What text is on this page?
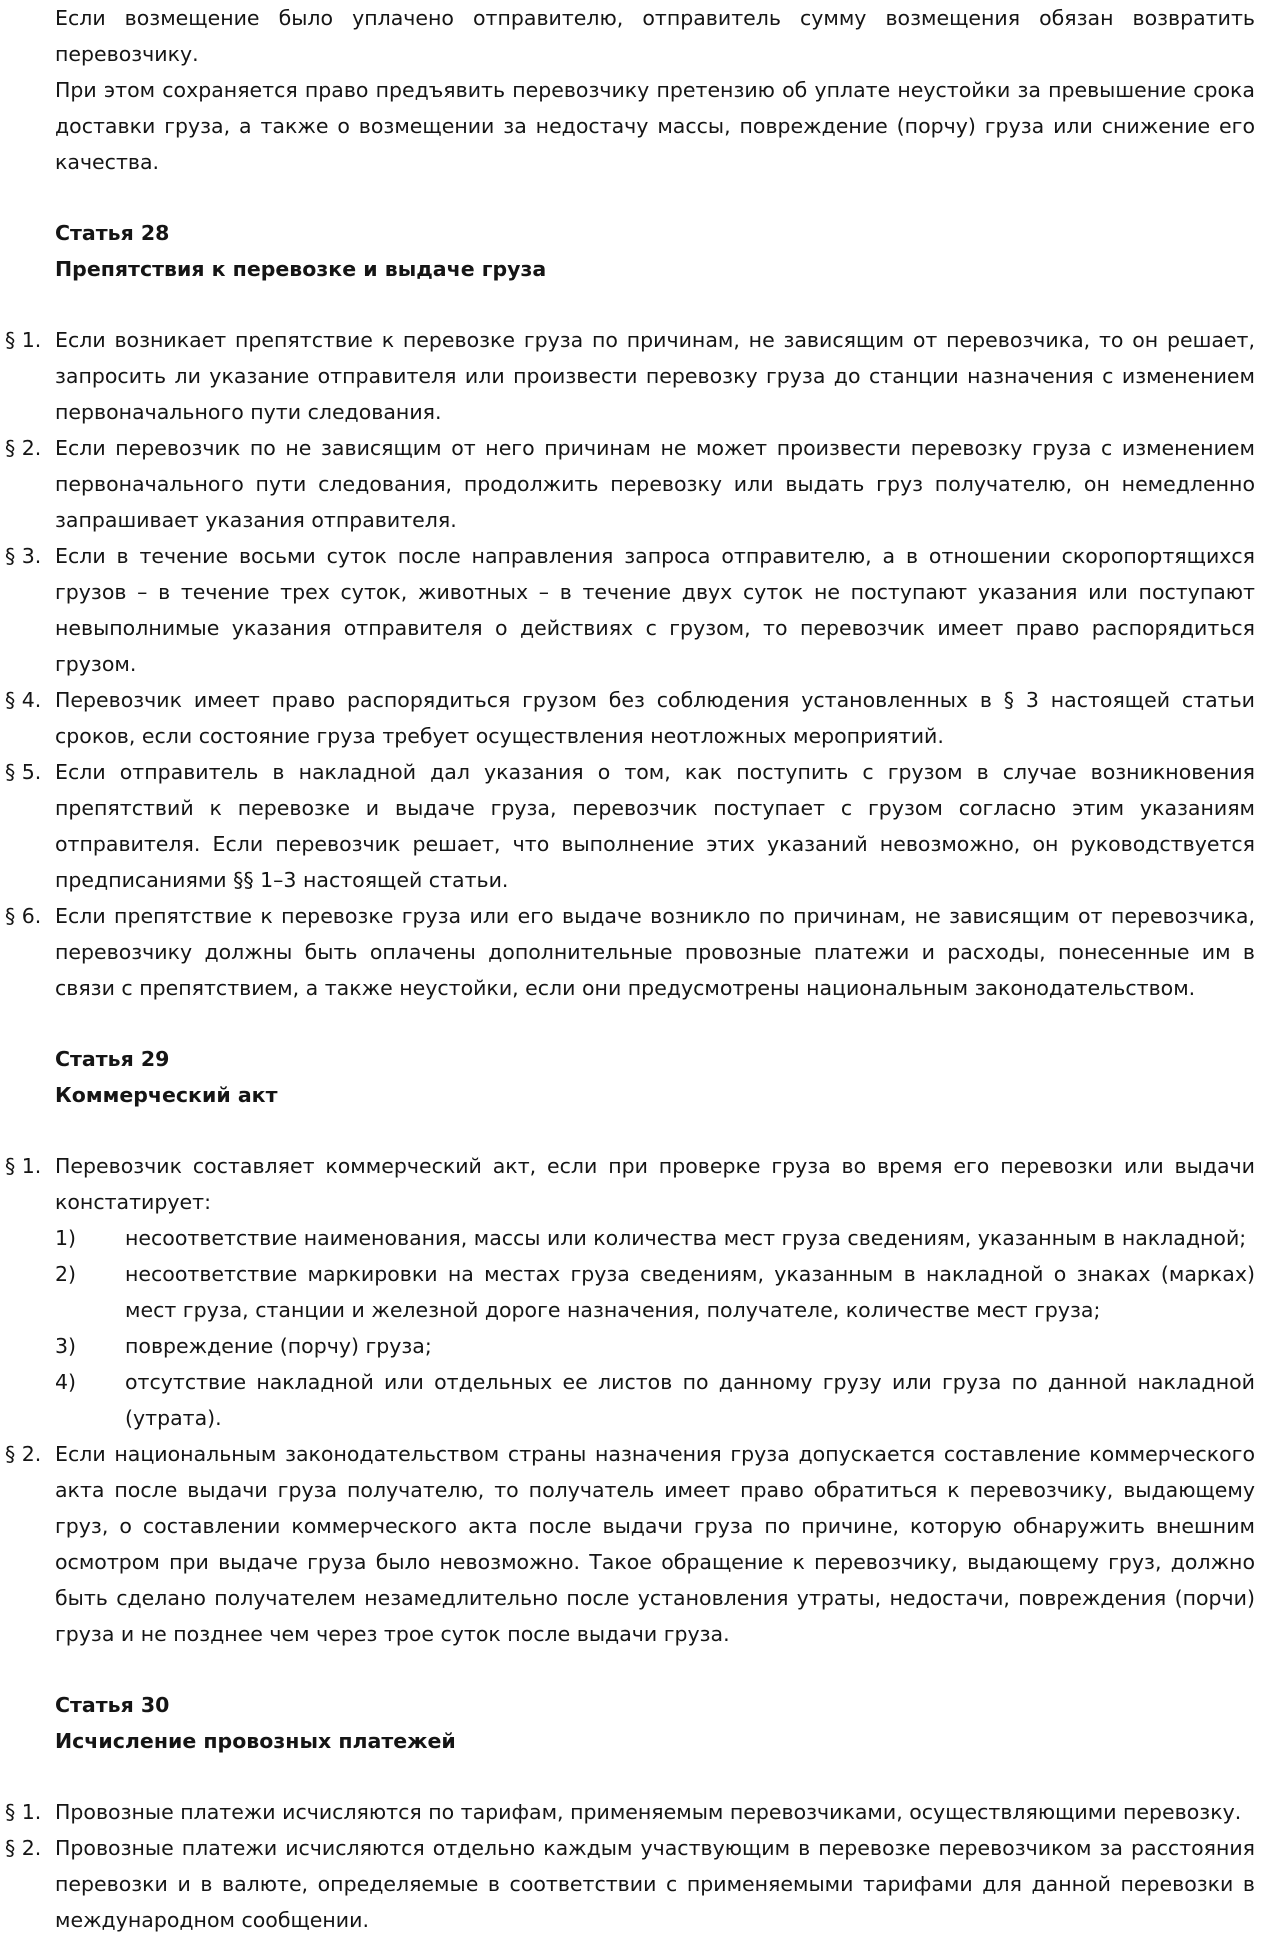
Если возмещение было уплачено отправителю, отправитель сумму возмещения обязан возвратить перевозчику.
При этом сохраняется право предъявить перевозчику претензию об уплате неустойки за превышение срока доставки груза, а также о возмещении за недостачу массы, повреждение (порчу) груза или снижение его качества.
Статья 28
Препятствия к перевозке и выдаче груза
§ 1. Если возникает препятствие к перевозке груза по причинам, не зависящим от перевозчика, то он решает, запросить ли указание отправителя или произвести перевозку груза до станции назначения с изменением первоначального пути следования.
§ 2. Если перевозчик по не зависящим от него причинам не может произвести перевозку груза с изменением первоначального пути следования, продолжить перевозку или выдать груз получателю, он немедленно запрашивает указания отправителя.
§ 3. Если в течение восьми суток после направления запроса отправителю, а в отношении скоропортящихся грузов – в течение трех суток, животных – в течение двух суток не поступают указания или поступают невыполнимые указания отправителя о действиях с грузом, то перевозчик имеет право распорядиться грузом.
§ 4. Перевозчик имеет право распорядиться грузом без соблюдения установленных в § 3 настоящей статьи сроков, если состояние груза требует осуществления неотложных мероприятий.
§ 5. Если отправитель в накладной дал указания о том, как поступить с грузом в случае возникновения препятствий к перевозке и выдаче груза, перевозчик поступает с грузом согласно этим указаниям отправителя. Если перевозчик решает, что выполнение этих указаний невозможно, он руководствуется предписаниями §§ 1–3 настоящей статьи.
§ 6. Если препятствие к перевозке груза или его выдаче возникло по причинам, не зависящим от перевозчика, перевозчику должны быть оплачены дополнительные провозные платежи и расходы, понесенные им в связи с препятствием, а также неустойки, если они предусмотрены национальным законодательством.
Статья 29
Коммерческий акт
§ 1. Перевозчик составляет коммерческий акт, если при проверке груза во время его перевозки или выдачи констатирует:
1) несоответствие наименования, массы или количества мест груза сведениям, указанным в накладной;
2) несоответствие маркировки на местах груза сведениям, указанным в накладной о знаках (марках) мест груза, станции и железной дороге назначения, получателе, количестве мест груза;
3) повреждение (порчу) груза;
4) отсутствие накладной или отдельных ее листов по данному грузу или груза по данной накладной (утрата).
§ 2. Если национальным законодательством страны назначения груза допускается составление коммерческого акта после выдачи груза получателю, то получатель имеет право обратиться к перевозчику, выдающему груз, о составлении коммерческого акта после выдачи груза по причине, которую обнаружить внешним осмотром при выдаче груза было невозможно. Такое обращение к перевозчику, выдающему груз, должно быть сделано получателем незамедлительно после установления утраты, недостачи, повреждения (порчи) груза и не позднее чем через трое суток после выдачи груза.
Статья 30
Исчисление провозных платежей
§ 1. Провозные платежи исчисляются по тарифам, применяемым перевозчиками, осуществляющими перевозку.
§ 2. Провозные платежи исчисляются отдельно каждым участвующим в перевозке перевозчиком за расстояния перевозки и в валюте, определяемые в соответствии с применяемыми тарифами для данной перевозки в международном сообщении.
